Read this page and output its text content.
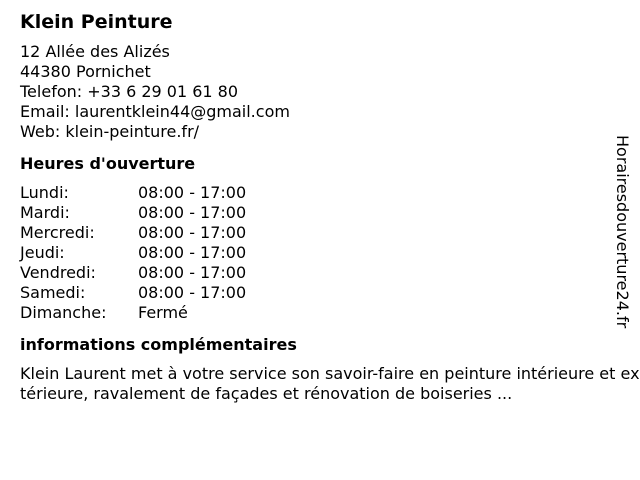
Klein Peinture
12 Allée des Alizés
44380 Pornichet
Telefon: +33 6 29 01 61 80
Email: laurentklein44@gmail.com
Web: klein-peinture.fr/
Heures d'ouverture
Lundi:	08:00 - 17:00
Mardi:	08:00 - 17:00
Mercredi:	08:00 - 17:00
Jeudi:	08:00 - 17:00
Vendredi:	08:00 - 17:00
Samedi:	08:00 - 17:00
Dimanche:	Fermé
informations complémentaires
Klein Laurent met à votre service son savoir-faire en peinture intérieure et extérieure, ravalement de façades et rénovation de boiseries ...
Horairesdouverture24.fr
